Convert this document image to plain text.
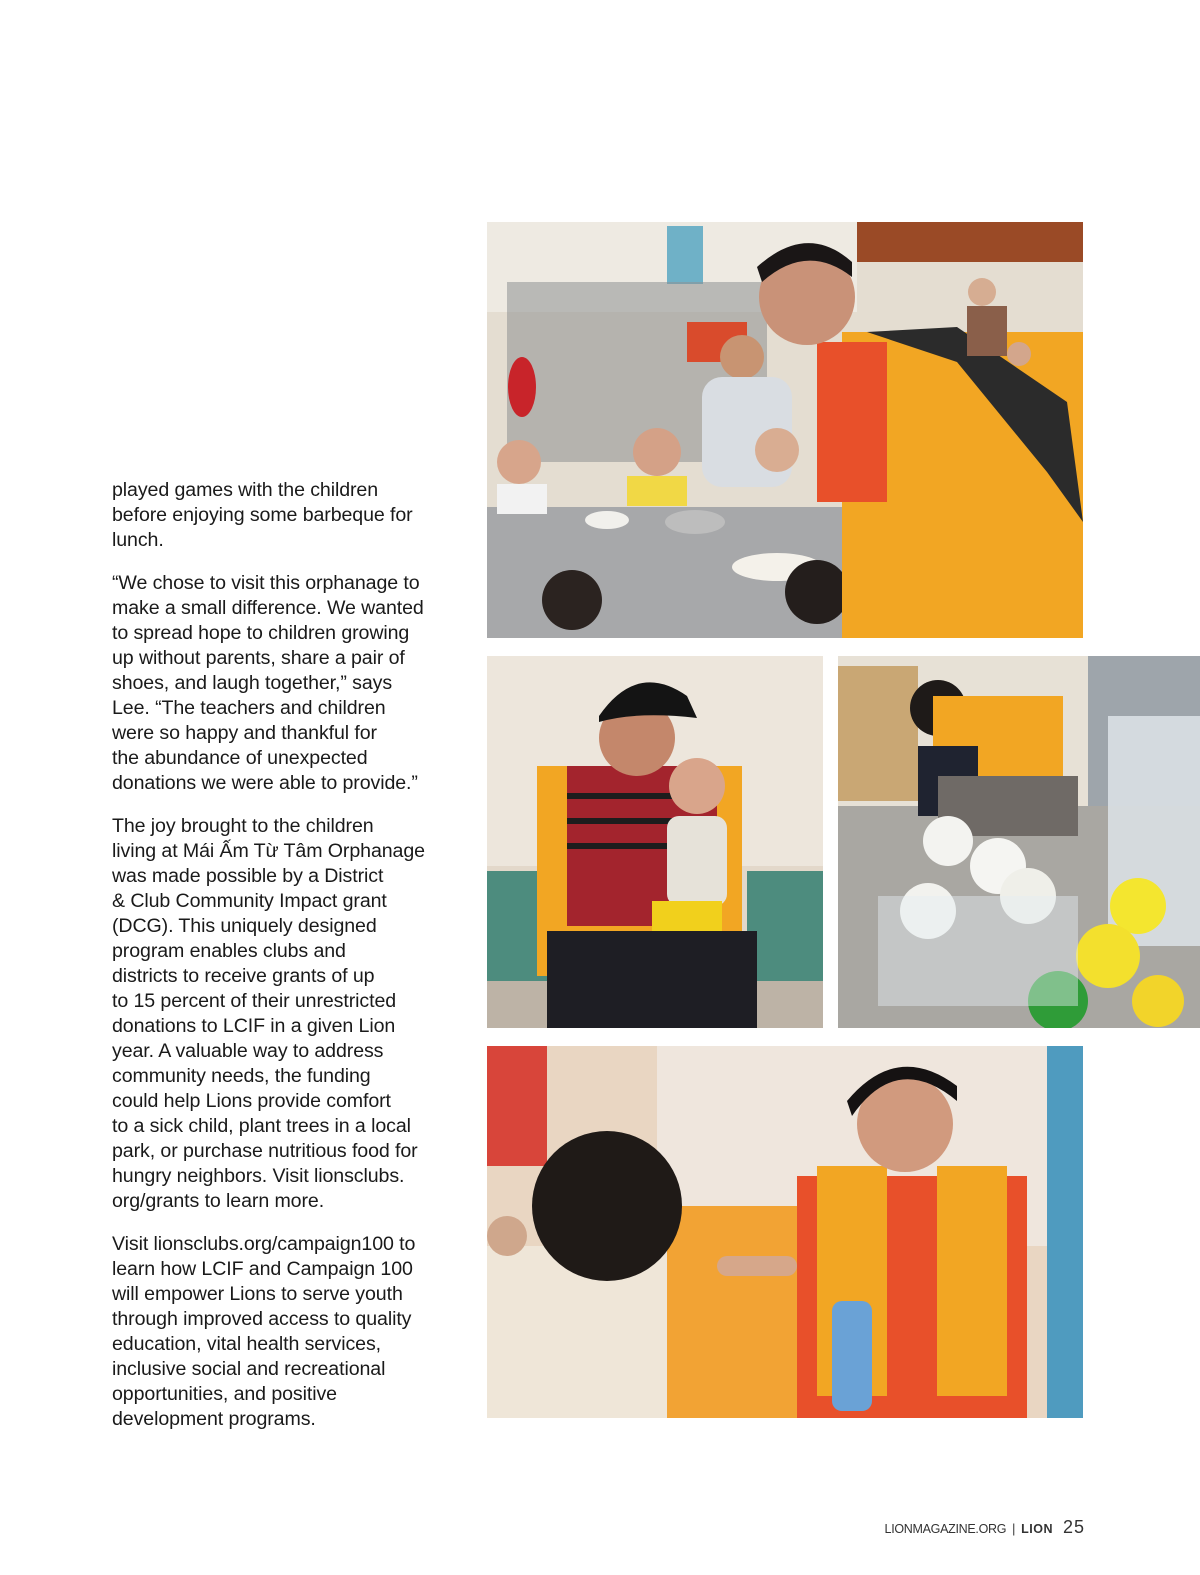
played games with the children
before enjoying some barbeque for
lunch.

“We chose to visit this orphanage to
make a small difference. We wanted
to spread hope to children growing
up without parents, share a pair of
shoes, and laugh together,” says
Lee. “The teachers and children
were so happy and thankful for
the abundance of unexpected
donations we were able to provide.”

The joy brought to the children
living at Mái Ấm Từ Tâm Orphanage
was made possible by a District
& Club Community Impact grant
(DCG). This uniquely designed
program enables clubs and
districts to receive grants of up
to 15 percent of their unrestricted
donations to LCIF in a given Lion
year. A valuable way to address
community needs, the funding
could help Lions provide comfort
to a sick child, plant trees in a local
park, or purchase nutritious food for
hungry neighbors. Visit lionsclubs.
org/grants to learn more.

Visit lionsclubs.org/campaign100 to
learn how LCIF and Campaign 100
will empower Lions to serve youth
through improved access to quality
education, vital health services,
inclusive social and recreational
opportunities, and positive
development programs.

LIONMAGAZINE.ORG | LION 25
